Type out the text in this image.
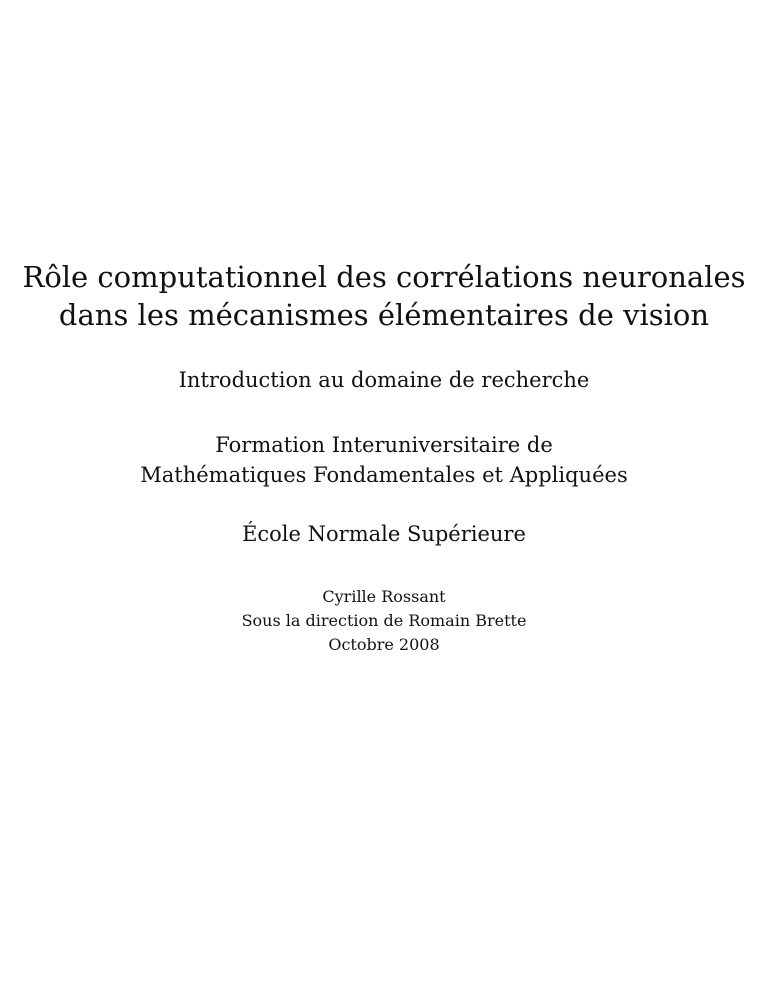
Rôle computationnel des corrélations neuronales
dans les mécanismes élémentaires de vision

Introduction au domaine de recherche

Formation Interuniversitaire de
Mathématiques Fondamentales et Appliquées

École Normale Supérieure

Cyrille Rossant
Sous la direction de Romain Brette
Octobre 2008
